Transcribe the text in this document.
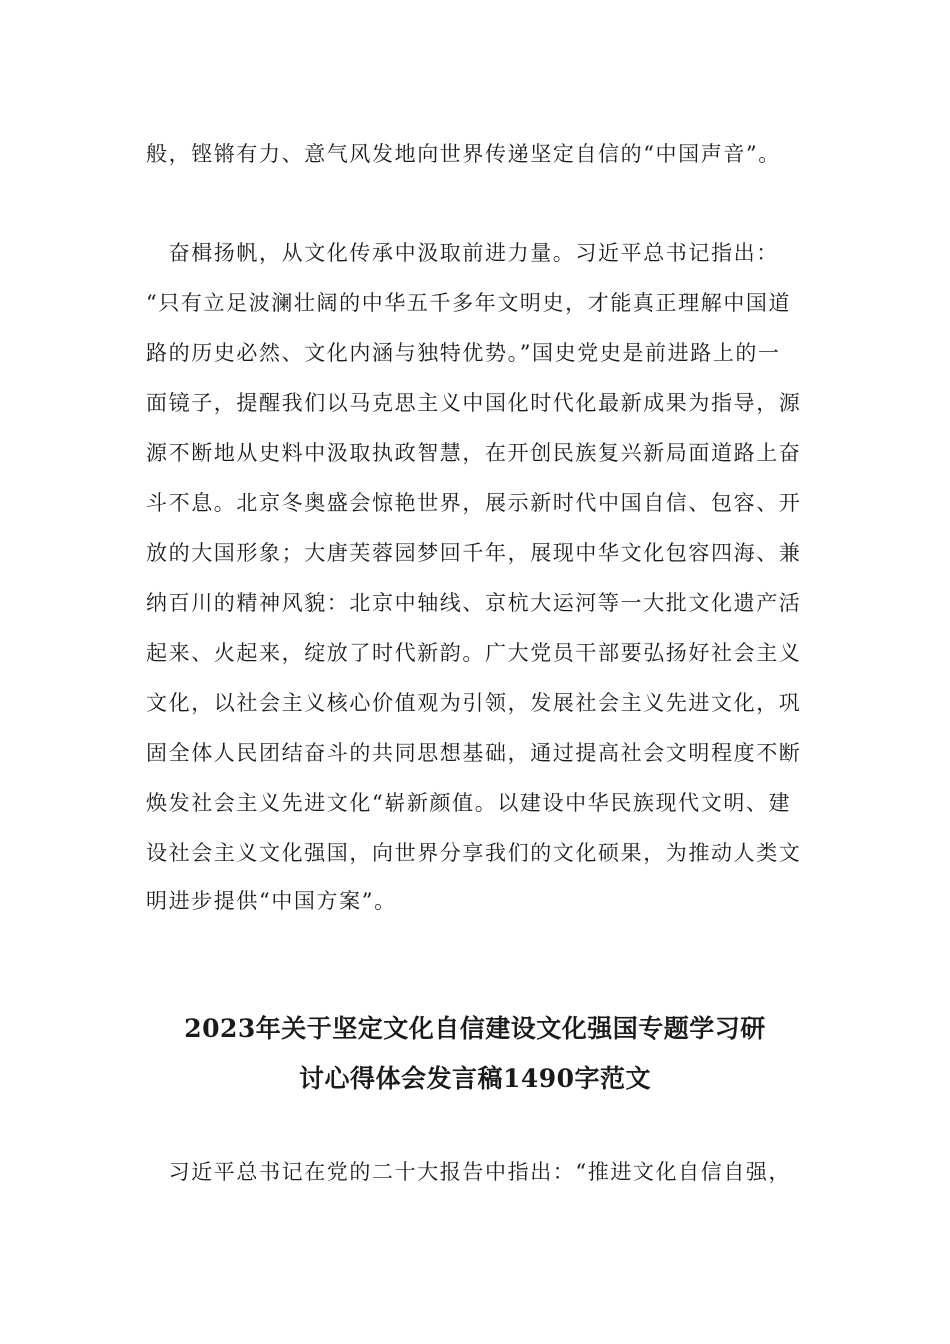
般，铿锵有力、意气风发地向世界传递坚定自信的“中国声音”。
　奋楫扬帆，从文化传承中汲取前进力量。习近平总书记指出：
“只有立足波澜壮阔的中华五千多年文明史，才能真正理解中国道
路的历史必然、文化内涵与独特优势。”国史党史是前进路上的一
面镜子，提醒我们以马克思主义中国化时代化最新成果为指导，源
源不断地从史料中汲取执政智慧，在开创民族复兴新局面道路上奋
斗不息。北京冬奥盛会惊艳世界，展示新时代中国自信、包容、开
放的大国形象；大唐芙蓉园梦回千年，展现中华文化包容四海、兼
纳百川的精神风貌：北京中轴线、京杭大运河等一大批文化遗产活
起来、火起来，绽放了时代新韵。广大党员干部要弘扬好社会主义
文化，以社会主义核心价值观为引领，发展社会主义先进文化，巩
固全体人民团结奋斗的共同思想基础，通过提高社会文明程度不断
焕发社会主义先进文化“崭新颜值。以建设中华民族现代文明、建
设社会主义文化强国，向世界分享我们的文化硕果，为推动人类文
明进步提供“中国方案”。
2023年关于坚定文化自信建设文化强国专题学习研
讨心得体会发言稿1490字范文
　习近平总书记在党的二十大报告中指出：“推进文化自信自强，
